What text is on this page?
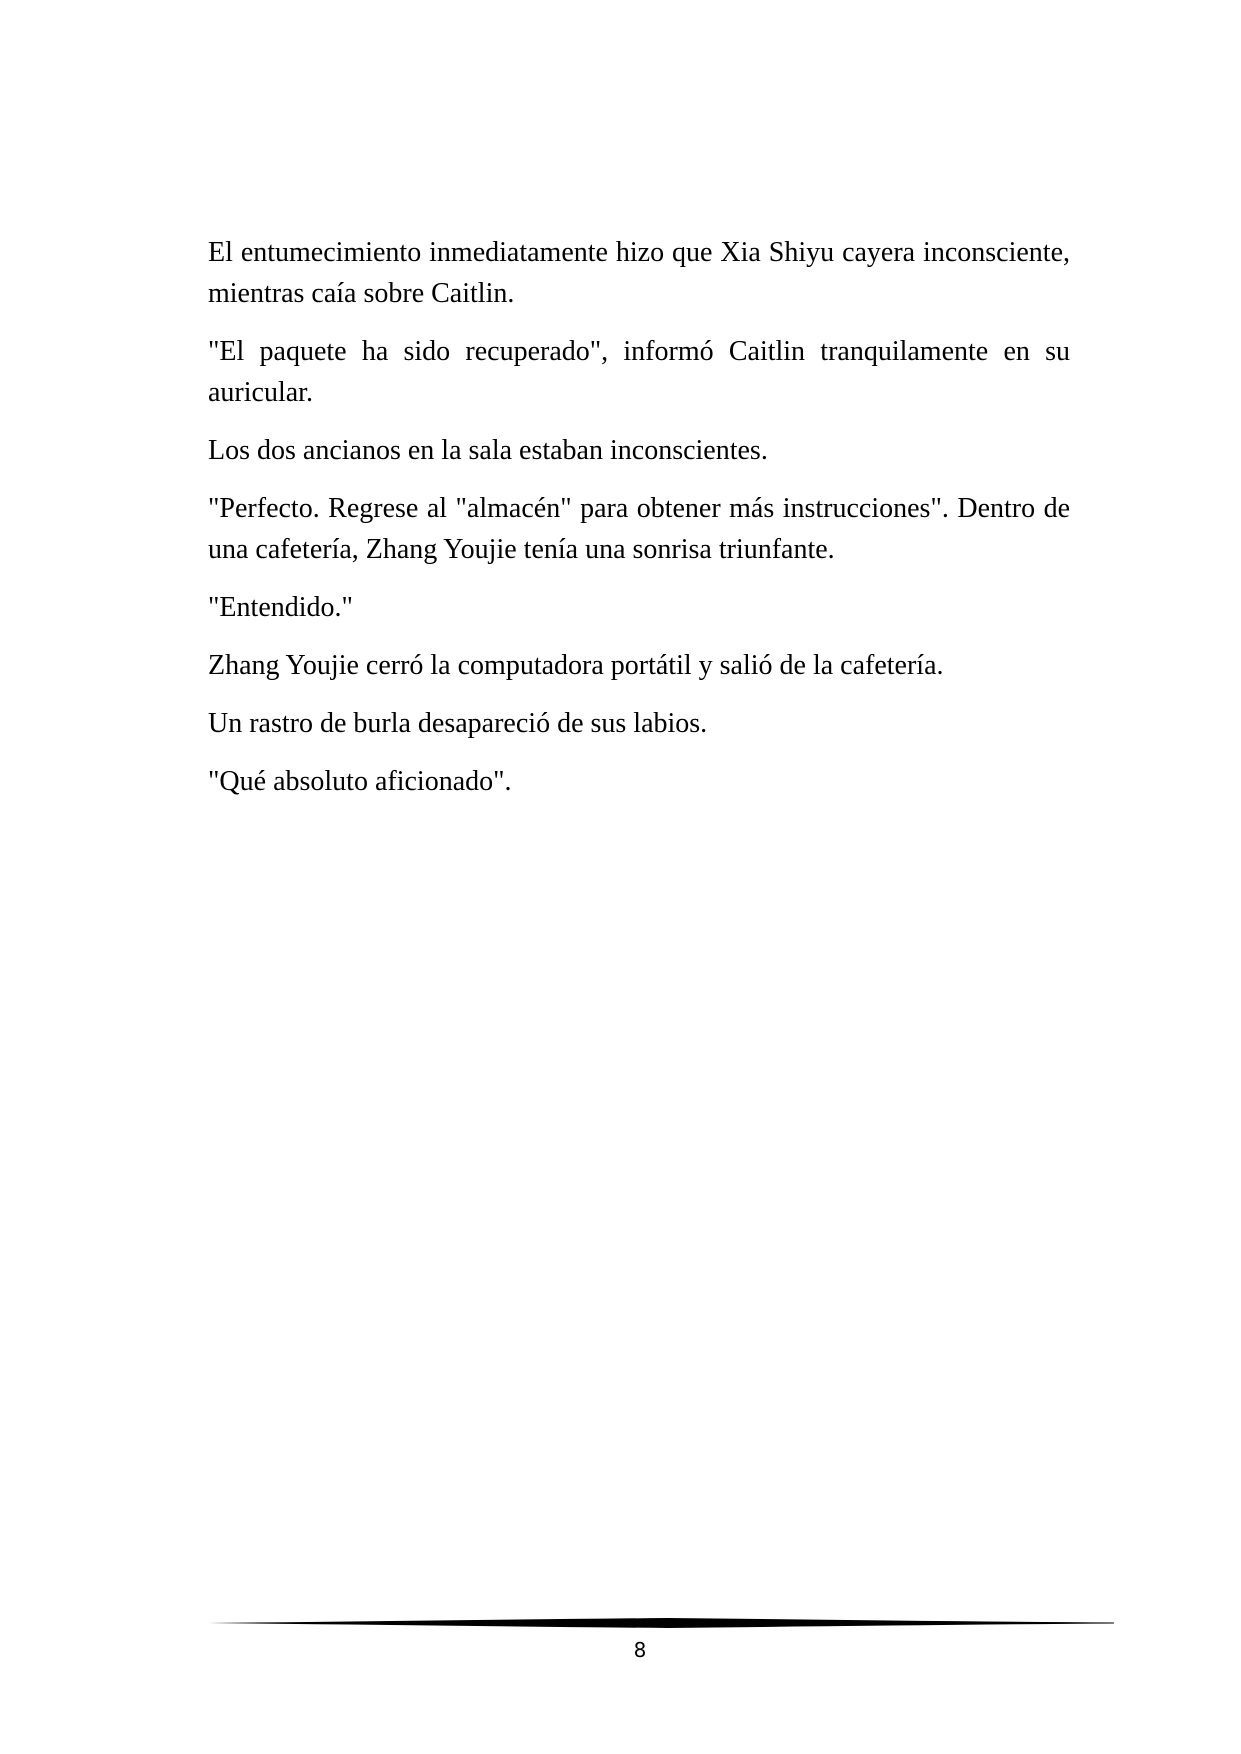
El entumecimiento inmediatamente hizo que Xia Shiyu cayera inconsciente, mientras caía sobre Caitlin.

"El paquete ha sido recuperado", informó Caitlin tranquilamente en su auricular.

Los dos ancianos en la sala estaban inconscientes.

"Perfecto. Regrese al "almacén" para obtener más instrucciones". Dentro de una cafetería, Zhang Youjie tenía una sonrisa triunfante.

"Entendido."

Zhang Youjie cerró la computadora portátil y salió de la cafetería.

Un rastro de burla desapareció de sus labios.

"Qué absoluto aficionado".

8
